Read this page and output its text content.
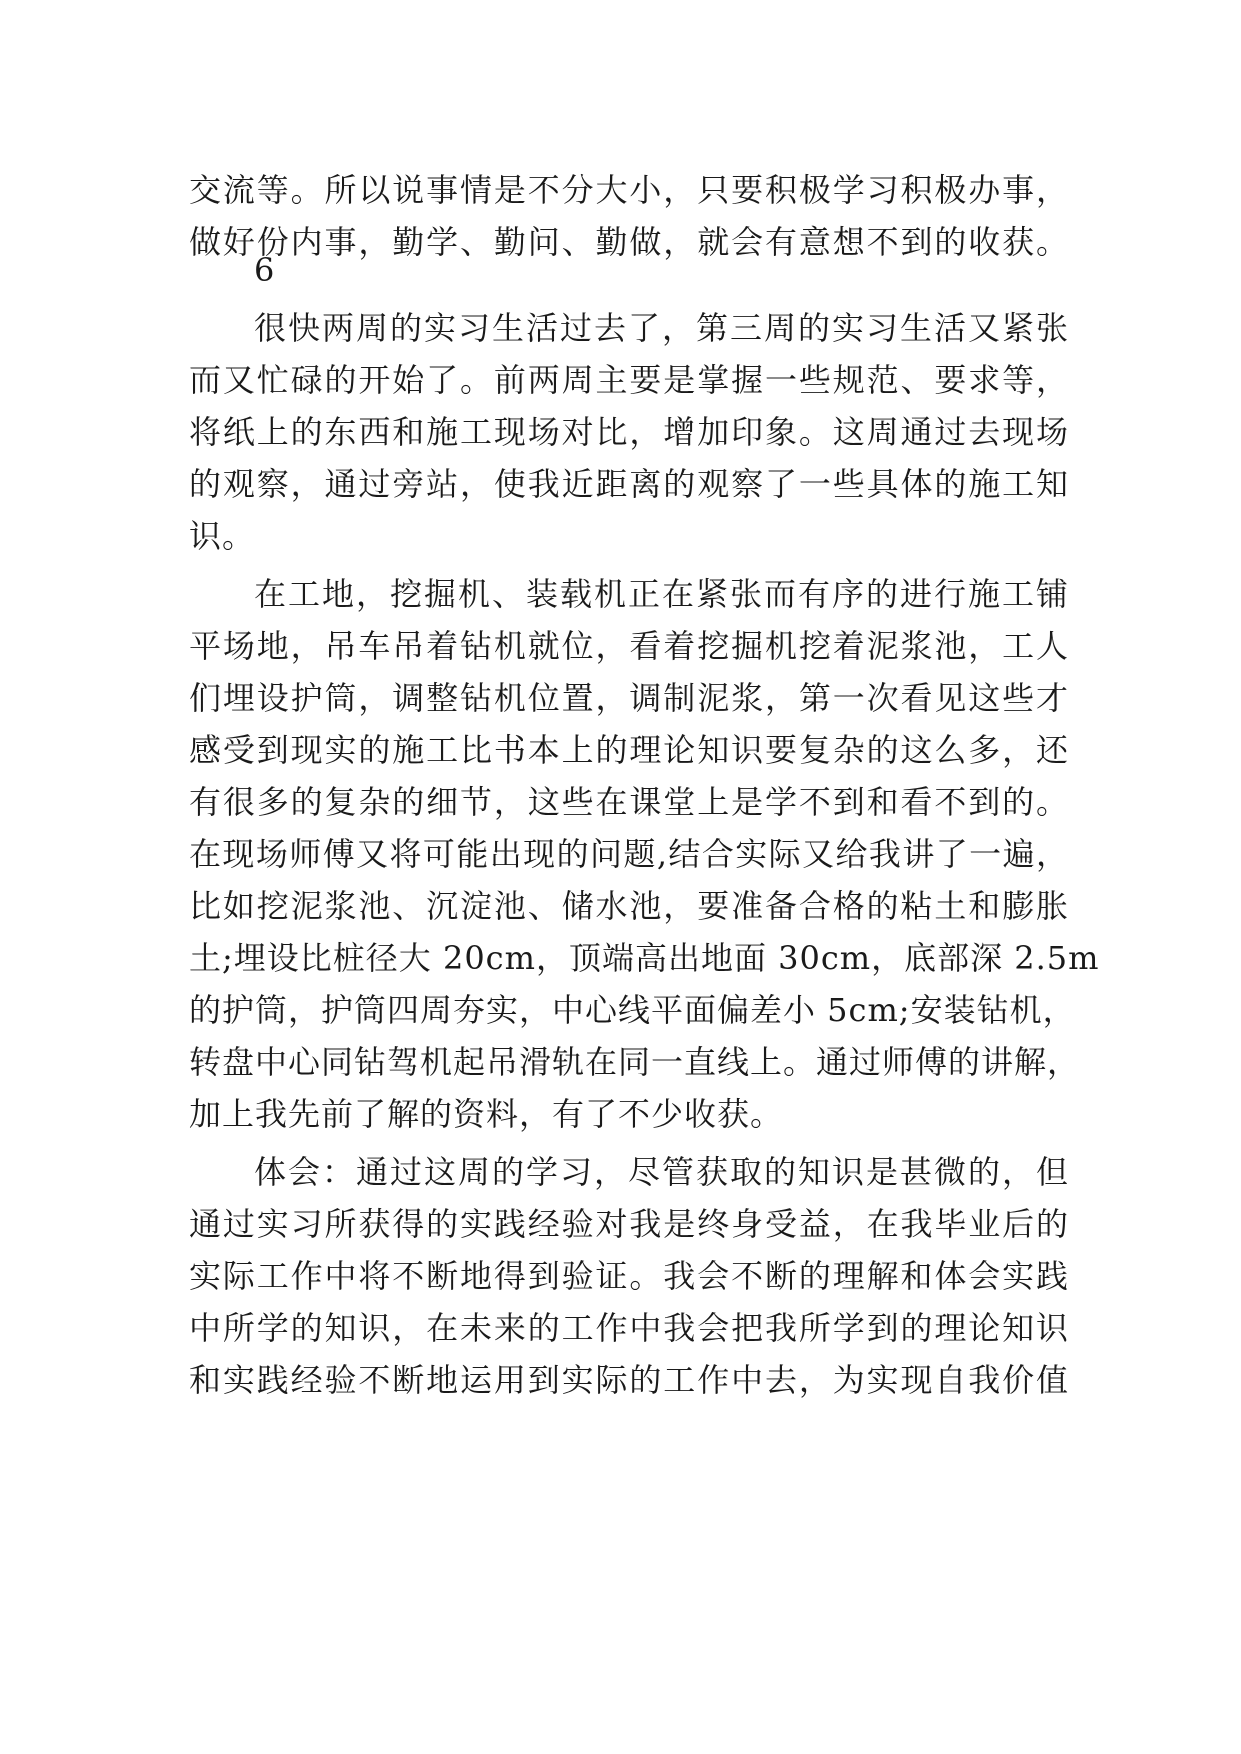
交流等。所以说事情是不分大小，只要积极学习积极办事，
做好份内事，勤学、勤问、勤做，就会有意想不到的收获。
6
很快两周的实习生活过去了，第三周的实习生活又紧张
而又忙碌的开始了。前两周主要是掌握一些规范、要求等，
将纸上的东西和施工现场对比，增加印象。这周通过去现场
的观察，通过旁站，使我近距离的观察了一些具体的施工知
识。
在工地，挖掘机、装载机正在紧张而有序的进行施工铺
平场地，吊车吊着钻机就位，看着挖掘机挖着泥浆池，工人
们埋设护筒，调整钻机位置，调制泥浆，第一次看见这些才
感受到现实的施工比书本上的理论知识要复杂的这么多，还
有很多的复杂的细节，这些在课堂上是学不到和看不到的。
在现场师傅又将可能出现的问题,结合实际又给我讲了一遍，
比如挖泥浆池、沉淀池、储水池，要准备合格的粘土和膨胀
土;埋设比桩径大 20cm，顶端高出地面 30cm，底部深 2.5m
的护筒，护筒四周夯实，中心线平面偏差小 5cm;安装钻机，
转盘中心同钻驾机起吊滑轨在同一直线上。通过师傅的讲解，
加上我先前了解的资料，有了不少收获。
体会：通过这周的学习，尽管获取的知识是甚微的，但
通过实习所获得的实践经验对我是终身受益，在我毕业后的
实际工作中将不断地得到验证。我会不断的理解和体会实践
中所学的知识，在未来的工作中我会把我所学到的理论知识
和实践经验不断地运用到实际的工作中去，为实现自我价值
